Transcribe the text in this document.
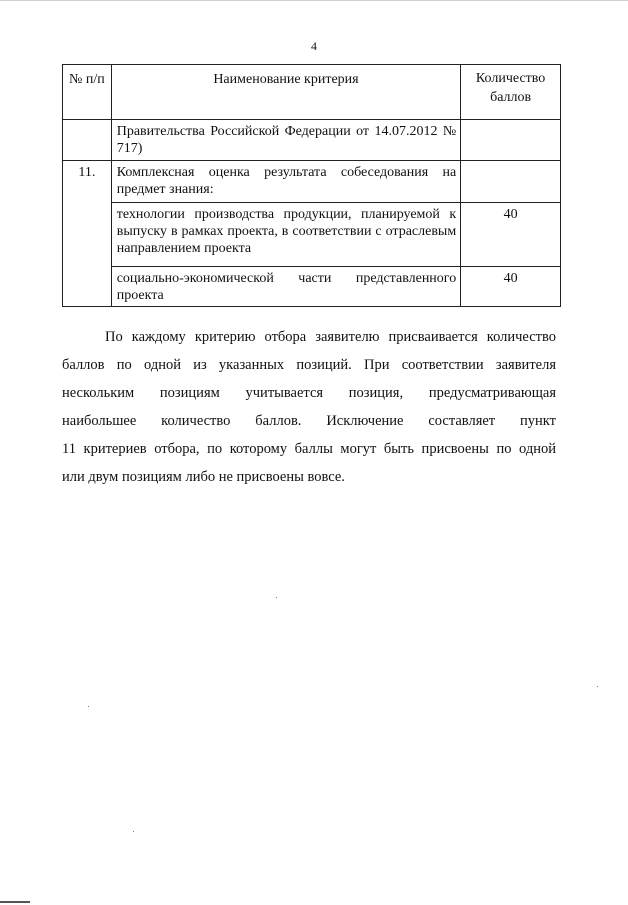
4
№ п/п	Наименование критерия	Количество баллов
	Правительства Российской Федерации от 14.07.2012 № 717)	
11.	Комплексная оценка результата собеседования на предмет знания:	
	технологии производства продукции, планируемой к выпуску в рамках проекта, в соответствии с отраслевым направлением проекта	40
	социально-экономической части представленного проекта	40
По каждому критерию отбора заявителю присваивается количество
баллов по одной из указанных позиций. При соответствии заявителя
нескольким позициям учитывается позиция, предусматривающая
наибольшее количество баллов. Исключение составляет пункт
11 критериев отбора, по которому баллы могут быть присвоены по одной
или двум позициям либо не присвоены вовсе.
